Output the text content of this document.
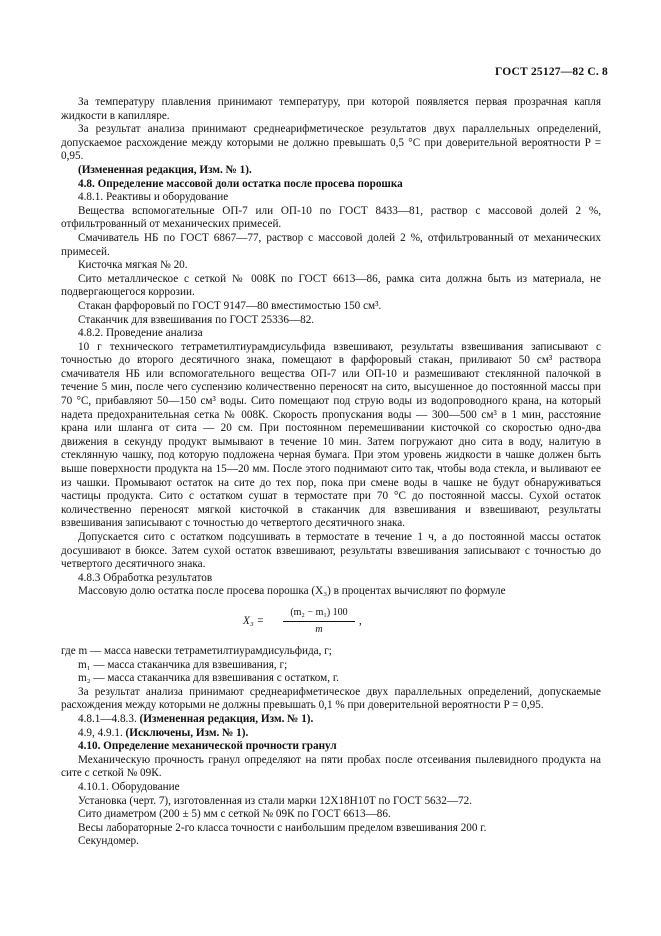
ГОСТ 25127—82 С. 8

За температуру плавления принимают температуру, при которой появляется первая прозрачная капля жидкости в капилляре.

За результат анализа принимают среднеарифметическое результатов двух параллельных определений, допускаемое расхождение между которыми не должно превышать 0,5 °С при доверительной вероятности P = 0,95.

(Измененная редакция, Изм. № 1).

4.8. Определение массовой доли остатка после просева порошка

4.8.1. Реактивы и оборудование

Вещества вспомогательные ОП-7 или ОП-10 по ГОСТ 8433—81, раствор с массовой долей 2 %, отфильтрованный от механических примесей.

Смачиватель НБ по ГОСТ 6867—77, раствор с массовой долей 2 %, отфильтрованный от механических примесей.

Кисточка мягкая № 20.

Сито металлическое с сеткой № 008К по ГОСТ 6613—86, рамка сита должна быть из материала, не подвергающегося коррозии.

Стакан фарфоровый по ГОСТ 9147—80 вместимостью 150 см³.

Стаканчик для взвешивания по ГОСТ 25336—82.

4.8.2. Проведение анализа

10 г технического тетраметилтиурамдисульфида взвешивают, результаты взвешивания записывают с точностью до второго десятичного знака, помещают в фарфоровый стакан, приливают 50 см³ раствора смачивателя НБ или вспомогательного вещества ОП-7 или ОП-10 и размешивают стеклянной палочкой в течение 5 мин, после чего суспензию количественно переносят на сито, высушенное до постоянной массы при 70 °С, прибавляют 50—150 см³ воды. Сито помещают под струю воды из водопроводного крана, на который надета предохранительная сетка № 008К. Скорость пропускания воды — 300—500 см³ в 1 мин, расстояние крана или шланга от сита — 20 см. При постоянном перемешивании кисточкой со скоростью одно-два движения в секунду продукт вымывают в течение 10 мин. Затем погружают дно сита в воду, налитую в стеклянную чашку, под которую подложена черная бумага. При этом уровень жидкости в чашке должен быть выше поверхности продукта на 15—20 мм. После этого поднимают сито так, чтобы вода стекла, и выливают ее из чашки. Промывают остаток на сите до тех пор, пока при смене воды в чашке не будут обнаруживаться частицы продукта. Сито с остатком сушат в термостате при 70 °С до постоянной массы. Сухой остаток количественно переносят мягкой кисточкой в стаканчик для взвешивания и взвешивают, результаты взвешивания записывают с точностью до четвертого десятичного знака.

Допускается сито с остатком подсушивать в термостате в течение 1 ч, а до постоянной массы остаток досушивают в бюксе. Затем сухой остаток взвешивают, результаты взвешивания записывают с точностью до четвертого десятичного знака.

4.8.3 Обработка результатов

Массовую долю остатка после просева порошка (X₃) в процентах вычисляют по формуле

$X_3 = \frac{\text{(m₂ − m₁) 100}}{m}$ ,

где m — масса навески тетраметилтиурамдисульфида, г;

m₁ — масса стаканчика для взвешивания, г;

m₂ — масса стаканчика для взвешивания с остатком, г.

За результат анализа принимают среднеарифметическое двух параллельных определений, допускаемые расхождения между которыми не должны превышать 0,1 % при доверительной вероятности P = 0,95.

4.8.1—4.8.3. (Измененная редакция, Изм. № 1).

4.9, 4.9.1. (Исключены, Изм. № 1).

4.10. Определение механической прочности гранул

Механическую прочность гранул определяют на пяти пробах после отсеивания пылевидного продукта на сите с сеткой № 09К.

4.10.1. Оборудование

Установка (черт. 7), изготовленная из стали марки 12Х18Н10Т по ГОСТ 5632—72.

Сито диаметром (200 ± 5) мм с сеткой № 09К по ГОСТ 6613—86.

Весы лабораторные 2-го класса точности с наибольшим пределом взвешивания 200 г.

Секундомер.
